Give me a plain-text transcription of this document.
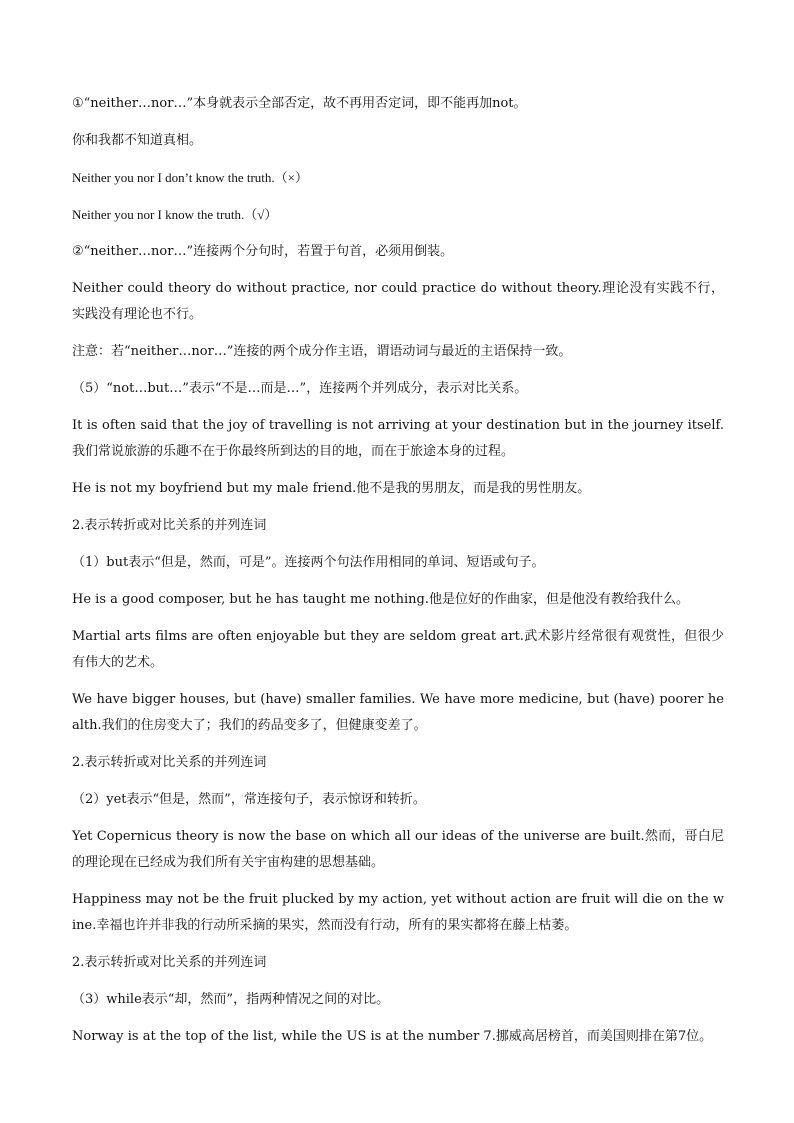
①“neither…nor…”本身就表示全部否定，故不再用否定词，即不能再加not。

你和我都不知道真相。

Neither you nor I don’t know the truth.（×）

Neither you nor I know the truth.（√）

②“neither…nor…”连接两个分句时，若置于句首，必须用倒装。

Neither could theory do without practice, nor could practice do without theory.理论没有实践不行，实践没有理论也不行。

注意：若“neither…nor…”连接的两个成分作主语，谓语动词与最近的主语保持一致。

（5）“not…but…”表示“不是…而是…”，连接两个并列成分，表示对比关系。

It is often said that the joy of travelling is not arriving at your destination but in the journey itself.我们常说旅游的乐趣不在于你最终所到达的目的地，而在于旅途本身的过程。

He is not my boyfriend but my male friend.他不是我的男朋友，而是我的男性朋友。

2.表示转折或对比关系的并列连词

（1）but表示“但是，然而，可是”。连接两个句法作用相同的单词、短语或句子。

He is a good composer, but he has taught me nothing.他是位好的作曲家，但是他没有教给我什么。

Martial arts films are often enjoyable but they are seldom great art.武术影片经常很有观赏性，但很少有伟大的艺术。

We have bigger houses, but (have) smaller families. We have more medicine, but (have) poorer health.我们的住房变大了；我们的药品变多了，但健康变差了。

2.表示转折或对比关系的并列连词

（2）yet表示“但是，然而”，常连接句子，表示惊讶和转折。

Yet Copernicus theory is now the base on which all our ideas of the universe are built.然而，哥白尼的理论现在已经成为我们所有关宇宙构建的思想基础。

Happiness may not be the fruit plucked by my action, yet without action are fruit will die on the wine.幸福也许并非我的行动所采摘的果实，然而没有行动，所有的果实都将在藤上枯萎。

2.表示转折或对比关系的并列连词

（3）while表示“却，然而”，指两种情况之间的对比。

Norway is at the top of the list, while the US is at the number 7.挪威高居榜首，而美国则排在第7位。
